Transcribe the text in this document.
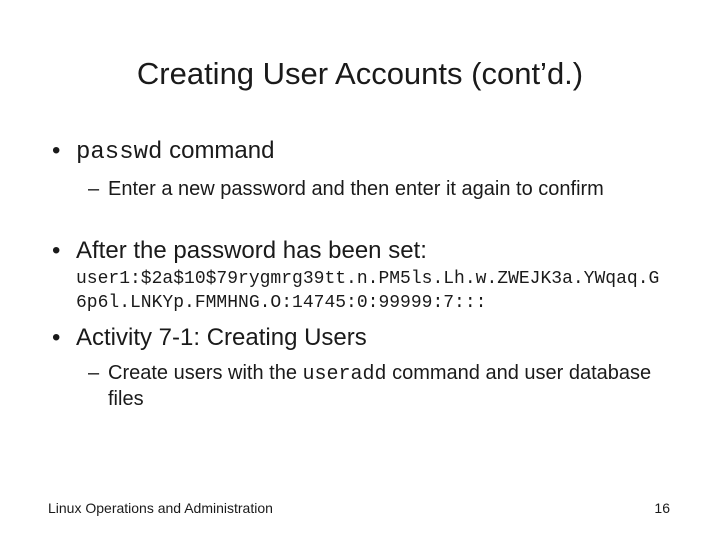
Creating User Accounts (cont’d.)
• passwd command
– Enter a new password and then enter it again to confirm
• After the password has been set:
user1:$2a$10$79rygmrg39tt.n.PM5ls.Lh.w.ZWEJK3a.YWqaq.G
6p6l.LNKYp.FMMHNG.O:14745:0:99999:7:::
• Activity 7-1: Creating Users
– Create users with the useradd command and user database files
Linux Operations and Administration	16
